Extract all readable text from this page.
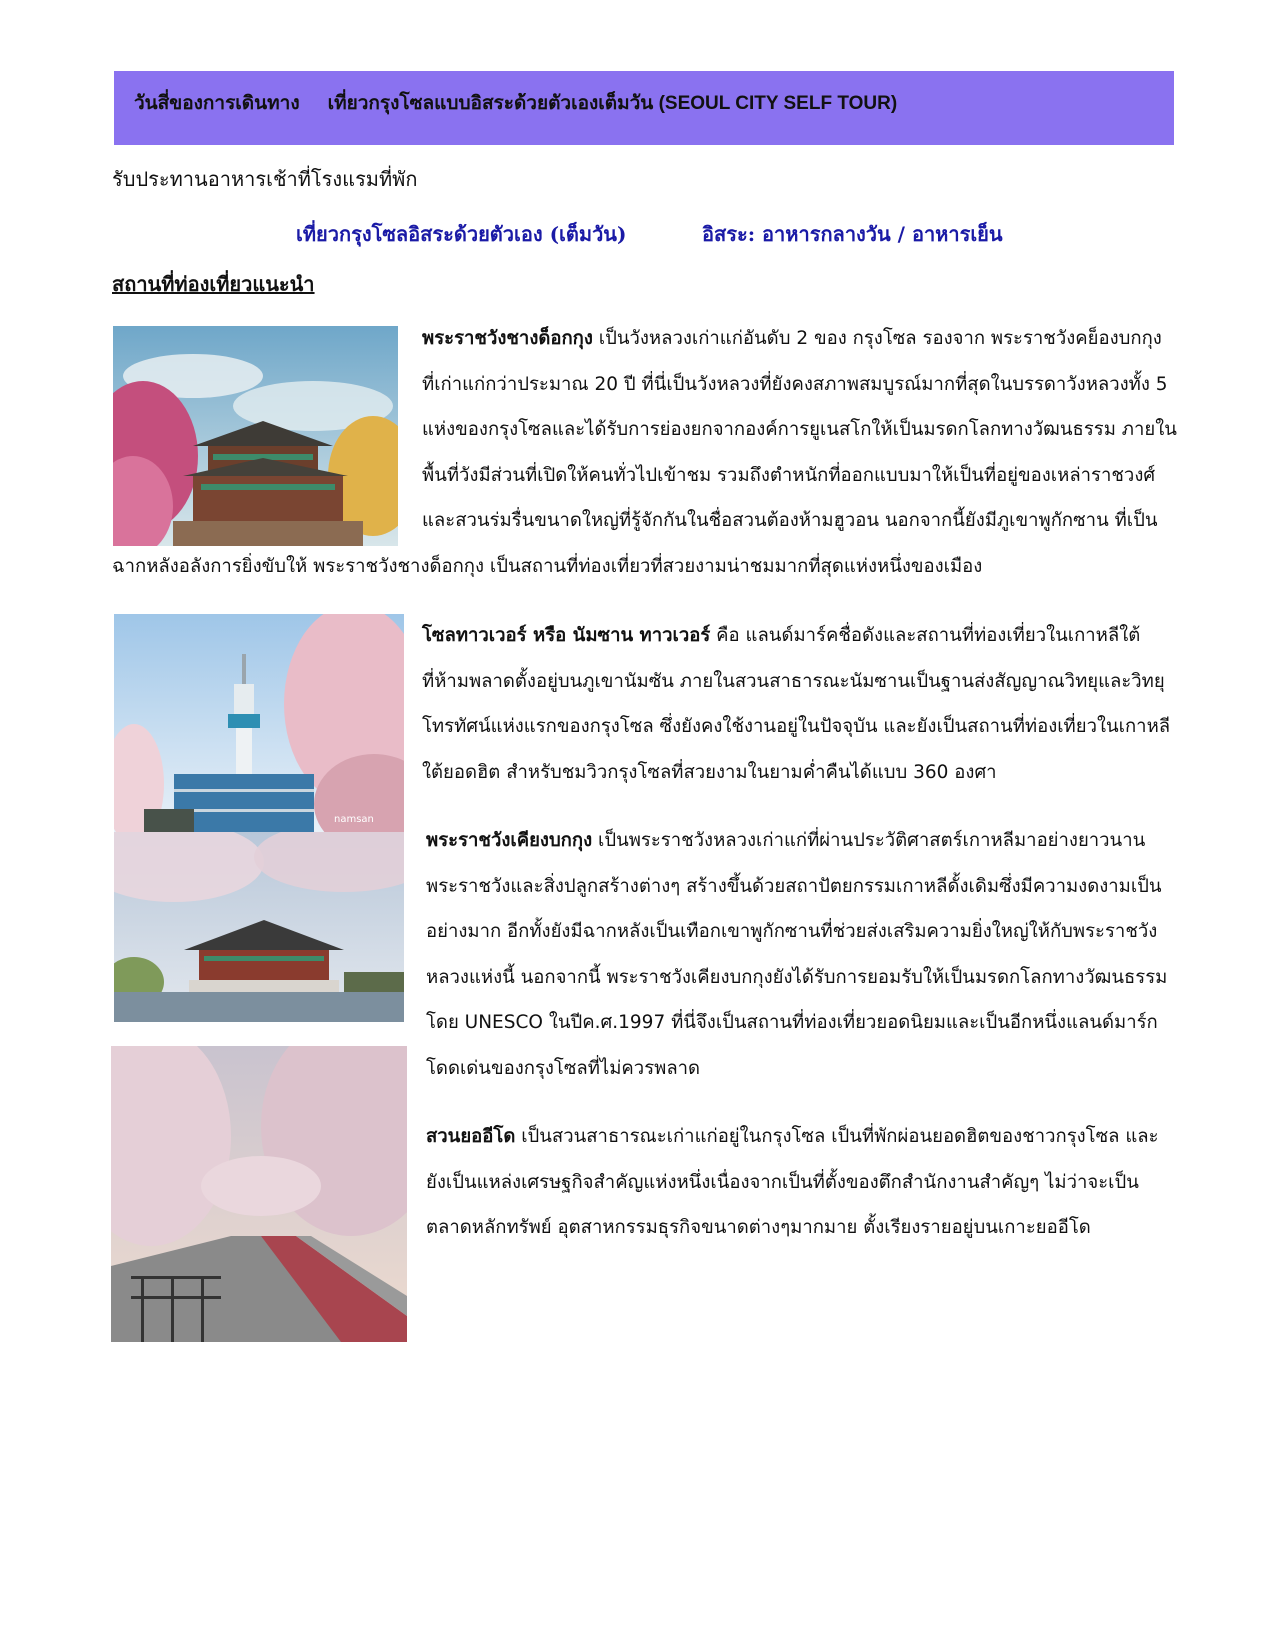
วันสี่ของการเดินทาง เที่ยวกรุงโซลแบบอิสระด้วยตัวเองเต็มวัน (SEOUL CITY SELF TOUR)
รับประทานอาหารเช้าที่โรงแรมที่พัก
เที่ยวกรุงโซลอิสระด้วยตัวเอง (เต็มวัน)	อิสระ: อาหารกลางวัน / อาหารเย็น
สถานที่ท่องเที่ยวแนะนำ
พระราชวังชางด็อกกุง เป็นวังหลวงเก่าแก่อันดับ 2 ของ กรุงโซล รองจาก พระราชวังคย็องบกกุง
ที่เก่าแก่กว่าประมาณ 20 ปี ที่นี่เป็นวังหลวงที่ยังคงสภาพสมบูรณ์มากที่สุดในบรรดาวังหลวงทั้ง 5
แห่งของกรุงโซลและได้รับการย่องยกจากองค์การยูเนสโกให้เป็นมรดกโลกทางวัฒนธรรม ภายใน
พื้นที่วังมีส่วนที่เปิดให้คนทั่วไปเข้าชม รวมถึงตำหนักที่ออกแบบมาให้เป็นที่อยู่ของเหล่าราชวงศ์
และสวนร่มรื่นขนาดใหญ่ที่รู้จักกันในชื่อสวนต้องห้ามฮูวอน นอกจากนี้ยังมีภูเขาพูกักซาน ที่เป็น
ฉากหลังอลังการยิ่งขับให้ พระราชวังชางด็อกกุง เป็นสถานที่ท่องเที่ยวที่สวยงามน่าชมมากที่สุดแห่งหนึ่งของเมือง
namsan
โซลทาวเวอร์ หรือ นัมซาน ทาวเวอร์ คือ แลนด์มาร์คชื่อดังและสถานที่ท่องเที่ยวในเกาหลีใต้
ที่ห้ามพลาดตั้งอยู่บนภูเขานัมซัน ภายในสวนสาธารณะนัมซานเป็นฐานส่งสัญญาณวิทยุและวิทยุ
โทรทัศน์แห่งแรกของกรุงโซล ซึ่งยังคงใช้งานอยู่ในปัจจุบัน และยังเป็นสถานที่ท่องเที่ยวในเกาหลี
ใต้ยอดฮิต สำหรับชมวิวกรุงโซลที่สวยงามในยามค่ำคืนได้แบบ 360 องศา
พระราชวังเคียงบกกุง เป็นพระราชวังหลวงเก่าแก่ที่ผ่านประวัติศาสตร์เกาหลีมาอย่างยาวนาน
พระราชวังและสิ่งปลูกสร้างต่างๆ สร้างขึ้นด้วยสถาปัตยกรรมเกาหลีดั้งเดิมซึ่งมีความงดงามเป็น
อย่างมาก อีกทั้งยังมีฉากหลังเป็นเทือกเขาพูกักซานที่ช่วยส่งเสริมความยิ่งใหญ่ให้กับพระราชวัง
หลวงแห่งนี้ นอกจากนี้ พระราชวังเคียงบกกุงยังได้รับการยอมรับให้เป็นมรดกโลกทางวัฒนธรรม
โดย UNESCO ในปีค.ศ.1997 ที่นี่จึงเป็นสถานที่ท่องเที่ยวยอดนิยมและเป็นอีกหนึ่งแลนด์มาร์ก
โดดเด่นของกรุงโซลที่ไม่ควรพลาด
สวนยออีโด เป็นสวนสาธารณะเก่าแก่อยู่ในกรุงโซล เป็นที่พักผ่อนยอดฮิตของชาวกรุงโซล และ
ยังเป็นแหล่งเศรษฐกิจสำคัญแห่งหนึ่งเนื่องจากเป็นที่ตั้งของตึกสำนักงานสำคัญๆ ไม่ว่าจะเป็น
ตลาดหลักทรัพย์ อุตสาหกรรมธุรกิจขนาดต่างๆมากมาย ตั้งเรียงรายอยู่บนเกาะยออีโด
